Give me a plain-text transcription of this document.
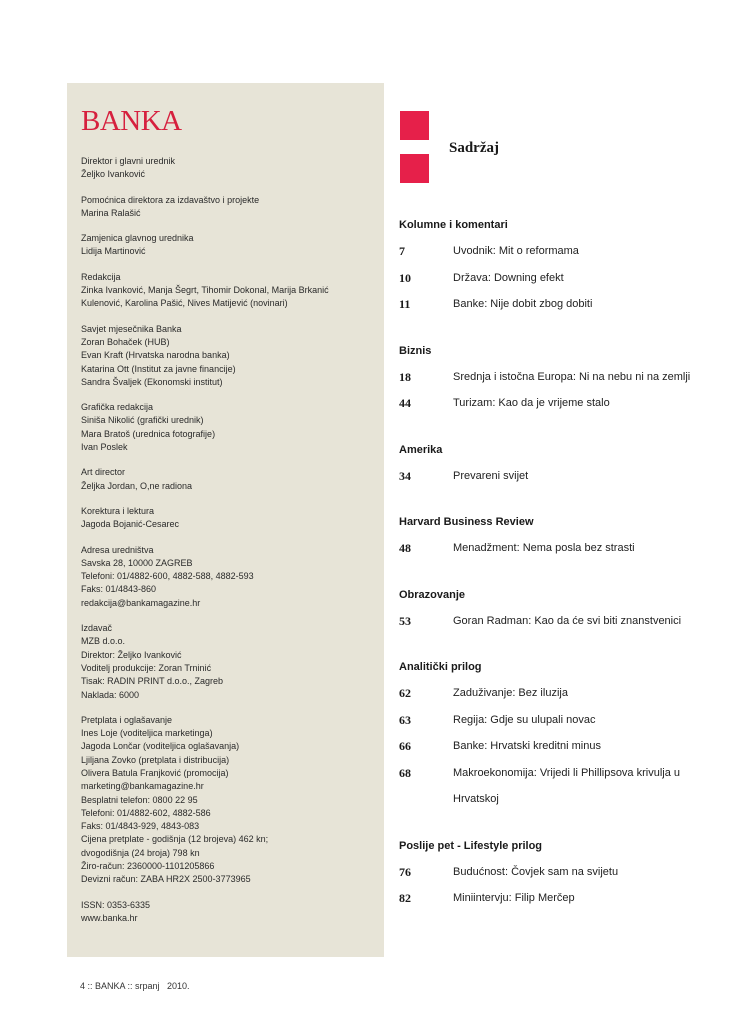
BANKA
Direktor i glavni urednik
Željko Ivanković
Pomoćnica direktora za izdavaštvo i projekte
Marina Ralašić
Zamjenica glavnog urednika
Lidija Martinović
Redakcija
Zinka Ivanković, Manja Šegrt, Tihomir Dokonal, Marija Brkanić
Kulenović, Karolina Pašić, Nives Matijević (novinari)
Savjet mjesečnika Banka
Zoran Bohaček (HUB)
Evan Kraft (Hrvatska narodna banka)
Katarina Ott (Institut za javne financije)
Sandra Švaljek (Ekonomski institut)
Grafička redakcija
Siniša Nikolić (grafički urednik)
Mara Bratoš (urednica fotografije)
Ivan Poslek
Art director
Željka Jordan, O,ne radiona
Korektura i lektura
Jagoda Bojanić-Cesarec
Adresa uredništva
Savska 28, 10000 ZAGREB
Telefoni: 01/4882-600, 4882-588, 4882-593
Faks: 01/4843-860
redakcija@bankamagazine.hr
Izdavač
MZB d.o.o.
Direktor: Željko Ivanković
Voditelj produkcije: Zoran Trninić
Tisak: RADIN PRINT d.o.o., Zagreb
Naklada: 6000
Pretplata i oglašavanje
Ines Loje (voditeljica marketinga)
Jagoda Lončar (voditeljica oglašavanja)
Ljiljana Zovko (pretplata i distribucija)
Olivera Batula Franjković (promocija)
marketing@bankamagazine.hr
Besplatni telefon: 0800 22 95
Telefoni: 01/4882-602, 4882-586
Faks: 01/4843-929, 4843-083
Cijena pretplate - godišnja (12 brojeva) 462 kn;
dvogodišnja (24 broja) 798 kn
Žiro-račun: 2360000-1101205866
Devizni račun: ZABA HR2X 2500-3773965
ISSN: 0353-6335
www.banka.hr
Sadržaj
Kolumne i komentari
7	Uvodnik: Mit o reformama
10	Država: Downing efekt
11	Banke: Nije dobit zbog dobiti
Biznis
18	Srednja i istočna Europa: Ni na nebu ni na zemlji
44	Turizam: Kao da je vrijeme stalo
Amerika
34	Prevareni svijet
Harvard Business Review
48	Menadžment: Nema posla bez strasti
Obrazovanje
53	Goran Radman: Kao da će svi biti znanstvenici
Analitički prilog
62	Zaduživanje: Bez iluzija
63	Regija: Gdje su ulupali novac
66	Banke: Hrvatski kreditni minus
68	Makroekonomija: Vrijedi li Phillipsova krivulja u
Hrvatskoj
Poslije pet - Lifestyle prilog
76	Budućnost: Čovjek sam na svijetu
82	Miniintervju: Filip Merčep
4 :: BANKA :: srpanj   2010.
